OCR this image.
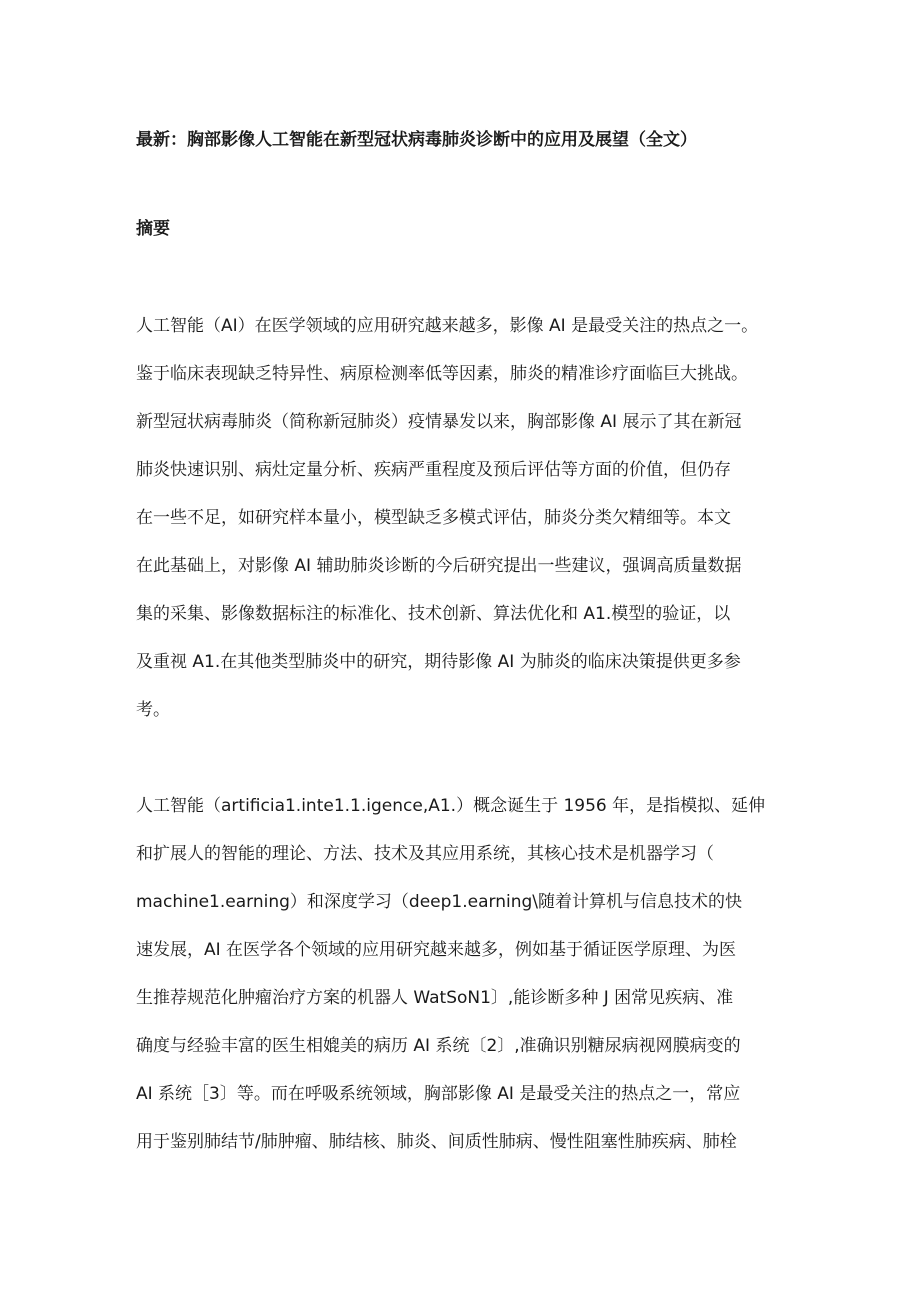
最新：胸部影像人工智能在新型冠状病毒肺炎诊断中的应用及展望（全文）
摘要
人工智能（AI）在医学领域的应用研究越来越多，影像 AI 是最受关注的热点之一。
鉴于临床表现缺乏特异性、病原检测率低等因素，肺炎的精准诊疗面临巨大挑战。
新型冠状病毒肺炎（简称新冠肺炎）疫情暴发以来，胸部影像 AI 展示了其在新冠
肺炎快速识别、病灶定量分析、疾病严重程度及预后评估等方面的价值，但仍存
在一些不足，如研究样本量小，模型缺乏多模式评估，肺炎分类欠精细等。本文
在此基础上，对影像 AI 辅助肺炎诊断的今后研究提出一些建议，强调高质量数据
集的采集、影像数据标注的标准化、技术创新、算法优化和 A1.模型的验证，以
及重视 A1.在其他类型肺炎中的研究，期待影像 AI 为肺炎的临床决策提供更多参
考。
人工智能（artificia1.inte1.1.igence,A1.）概念诞生于 1956 年，是指模拟、延伸
和扩展人的智能的理论、方法、技术及其应用系统，其核心技术是机器学习（
machine1.earning）和深度学习（deep1.earning\随着计算机与信息技术的快
速发展，AI 在医学各个领域的应用研究越来越多，例如基于循证医学原理、为医
生推荐规范化肿瘤治疗方案的机器人 WatSoN1〕,能诊断多种 J 困常见疾病、准
确度与经验丰富的医生相媲美的病历 AI 系统〔2〕,准确识别糖尿病视网膜病变的
AI 系统［3〕等。而在呼吸系统领域，胸部影像 AI 是最受关注的热点之一，常应
用于鉴别肺结节/肺肿瘤、肺结核、肺炎、间质性肺病、慢性阻塞性肺疾病、肺栓
